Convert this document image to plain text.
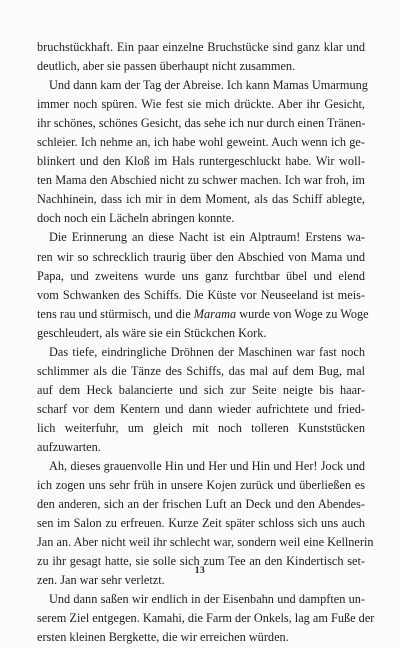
bruchstückhaft. Ein paar einzelne Bruchstücke sind ganz klar und
deutlich, aber sie passen überhaupt nicht zusammen.
Und dann kam der Tag der Abreise. Ich kann Mamas Umarmung
immer noch spüren. Wie fest sie mich drückte. Aber ihr Gesicht,
ihr schönes, schönes Gesicht, das sehe ich nur durch einen Tränen-
schleier. Ich nehme an, ich habe wohl geweint. Auch wenn ich ge-
blinkert und den Kloß im Hals runtergeschluckt habe. Wir woll-
ten Mama den Abschied nicht zu schwer machen. Ich war froh, im
Nachhinein, dass ich mir in dem Moment, als das Schiff ablegte,
doch noch ein Lächeln abringen konnte.
Die Erinnerung an diese Nacht ist ein Alptraum! Erstens wa-
ren wir so schrecklich traurig über den Abschied von Mama und
Papa, und zweitens wurde uns ganz furchtbar übel und elend
vom Schwanken des Schiffs. Die Küste vor Neuseeland ist meis-
tens rau und stürmisch, und die Marama wurde von Woge zu Woge
geschleudert, als wäre sie ein Stückchen Kork.
Das tiefe, eindringliche Dröhnen der Maschinen war fast noch
schlimmer als die Tänze des Schiffs, das mal auf dem Bug, mal
auf dem Heck balancierte und sich zur Seite neigte bis haar-
scharf vor dem Kentern und dann wieder aufrichtete und fried-
lich weiterfuhr, um gleich mit noch tolleren Kunststücken
aufzuwarten.
Ah, dieses grauenvolle Hin und Her und Hin und Her! Jock und
ich zogen uns sehr früh in unsere Kojen zurück und überließen es
den anderen, sich an der frischen Luft an Deck und den Abendes-
sen im Salon zu erfreuen. Kurze Zeit später schloss sich uns auch
Jan an. Aber nicht weil ihr schlecht war, sondern weil eine Kellnerin
zu ihr gesagt hatte, sie solle sich zum Tee an den Kindertisch set-
zen. Jan war sehr verletzt.
Und dann saßen wir endlich in der Eisenbahn und dampften un-
serem Ziel entgegen. Kamahi, die Farm der Onkels, lag am Fuße der
ersten kleinen Bergkette, die wir erreichen würden.
13
